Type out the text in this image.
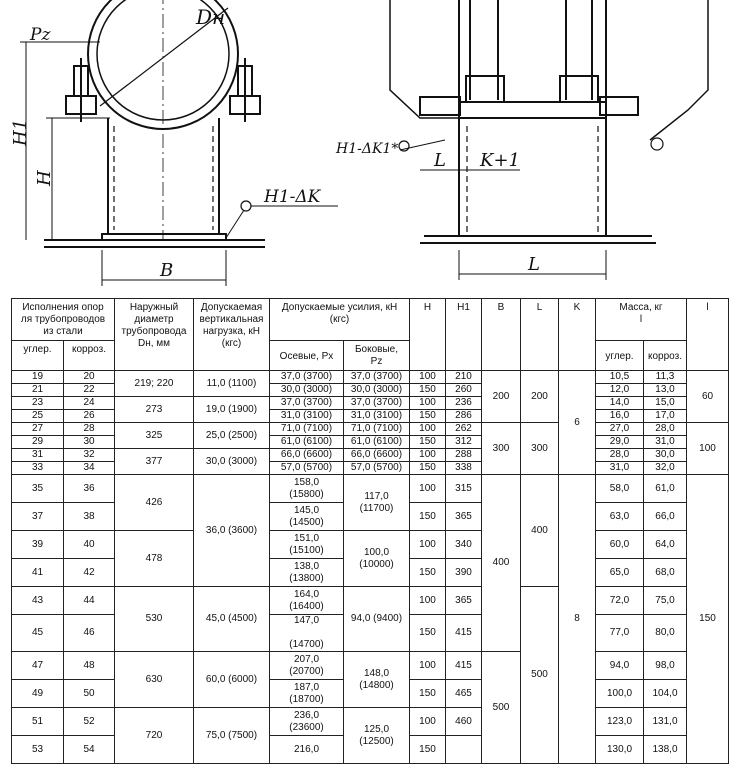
Pz
Dн
H1
H
H1-ΔK
B
H1-ΔK1*
L K+1
L
Исполнения опор
ля трубопроводов
из стали		Наружный
диаметр
трубопровода
Dн, мм	Допускаемая
вертикальная
нагрузка, кН
(кгс)	Допускаемые усилия, кН
(кгс)		H	H1	B	L	K	Масса, кг
l		l
углер.	корроз.			Осевые, Px	Боковые,
Pz						углер.	корроз.	
19	20	219; 220	11,0 (1100)	37,0 (3700)	37,0 (3700)	100	210	200	200	6	10,5	11,3	60
21	22			30,0 (3000)	30,0 (3000)	150	260				12,0	13,0	
23	24	273	19,0 (1900)	37,0 (3700)	37,0 (3700)	100	236				14,0	15,0	
25	26			31,0 (3100)	31,0 (3100)	150	286				16,0	17,0	
27	28	325	25,0 (2500)	71,0 (7100)	71,0 (7100)	100	262	300	300		27,0	28,0	100
29	30			61,0 (6100)	61,0 (6100)	150	312				29,0	31,0	
31	32	377	30,0 (3000)	66,0 (6600)	66,0 (6600)	100	288				28,0	30,0	
33	34			57,0 (5700)	57,0 (5700)	150	338				31,0	32,0	
35	36	426	36,0 (3600)	158,0
(15800)	117,0
(11700)	100	315	400	400	8	58,0	61,0	150
37	38			145,0
(14500)		150	365				63,0	66,0	
39	40	478		151,0
(15100)	100,0
(10000)	100	340				60,0	64,0	
41	42			138,0
(13800)		150	390				65,0	68,0	
43	44	530	45,0 (4500)	164,0
(16400)	94,0 (9400)	100	365		500		72,0	75,0	
45	46			147,0

(14700)		150	415				77,0	80,0	
47	48	630	60,0 (6000)	207,0
(20700)	148,0
(14800)	100	415	500			94,0	98,0	
49	50			187,0
(18700)		150	465				100,0	104,0	
51	52	720	75,0 (7500)	236,0
(23600)	125,0
(12500)	100	460				123,0	131,0	
53	54			216,0		150					130,0	138,0	
